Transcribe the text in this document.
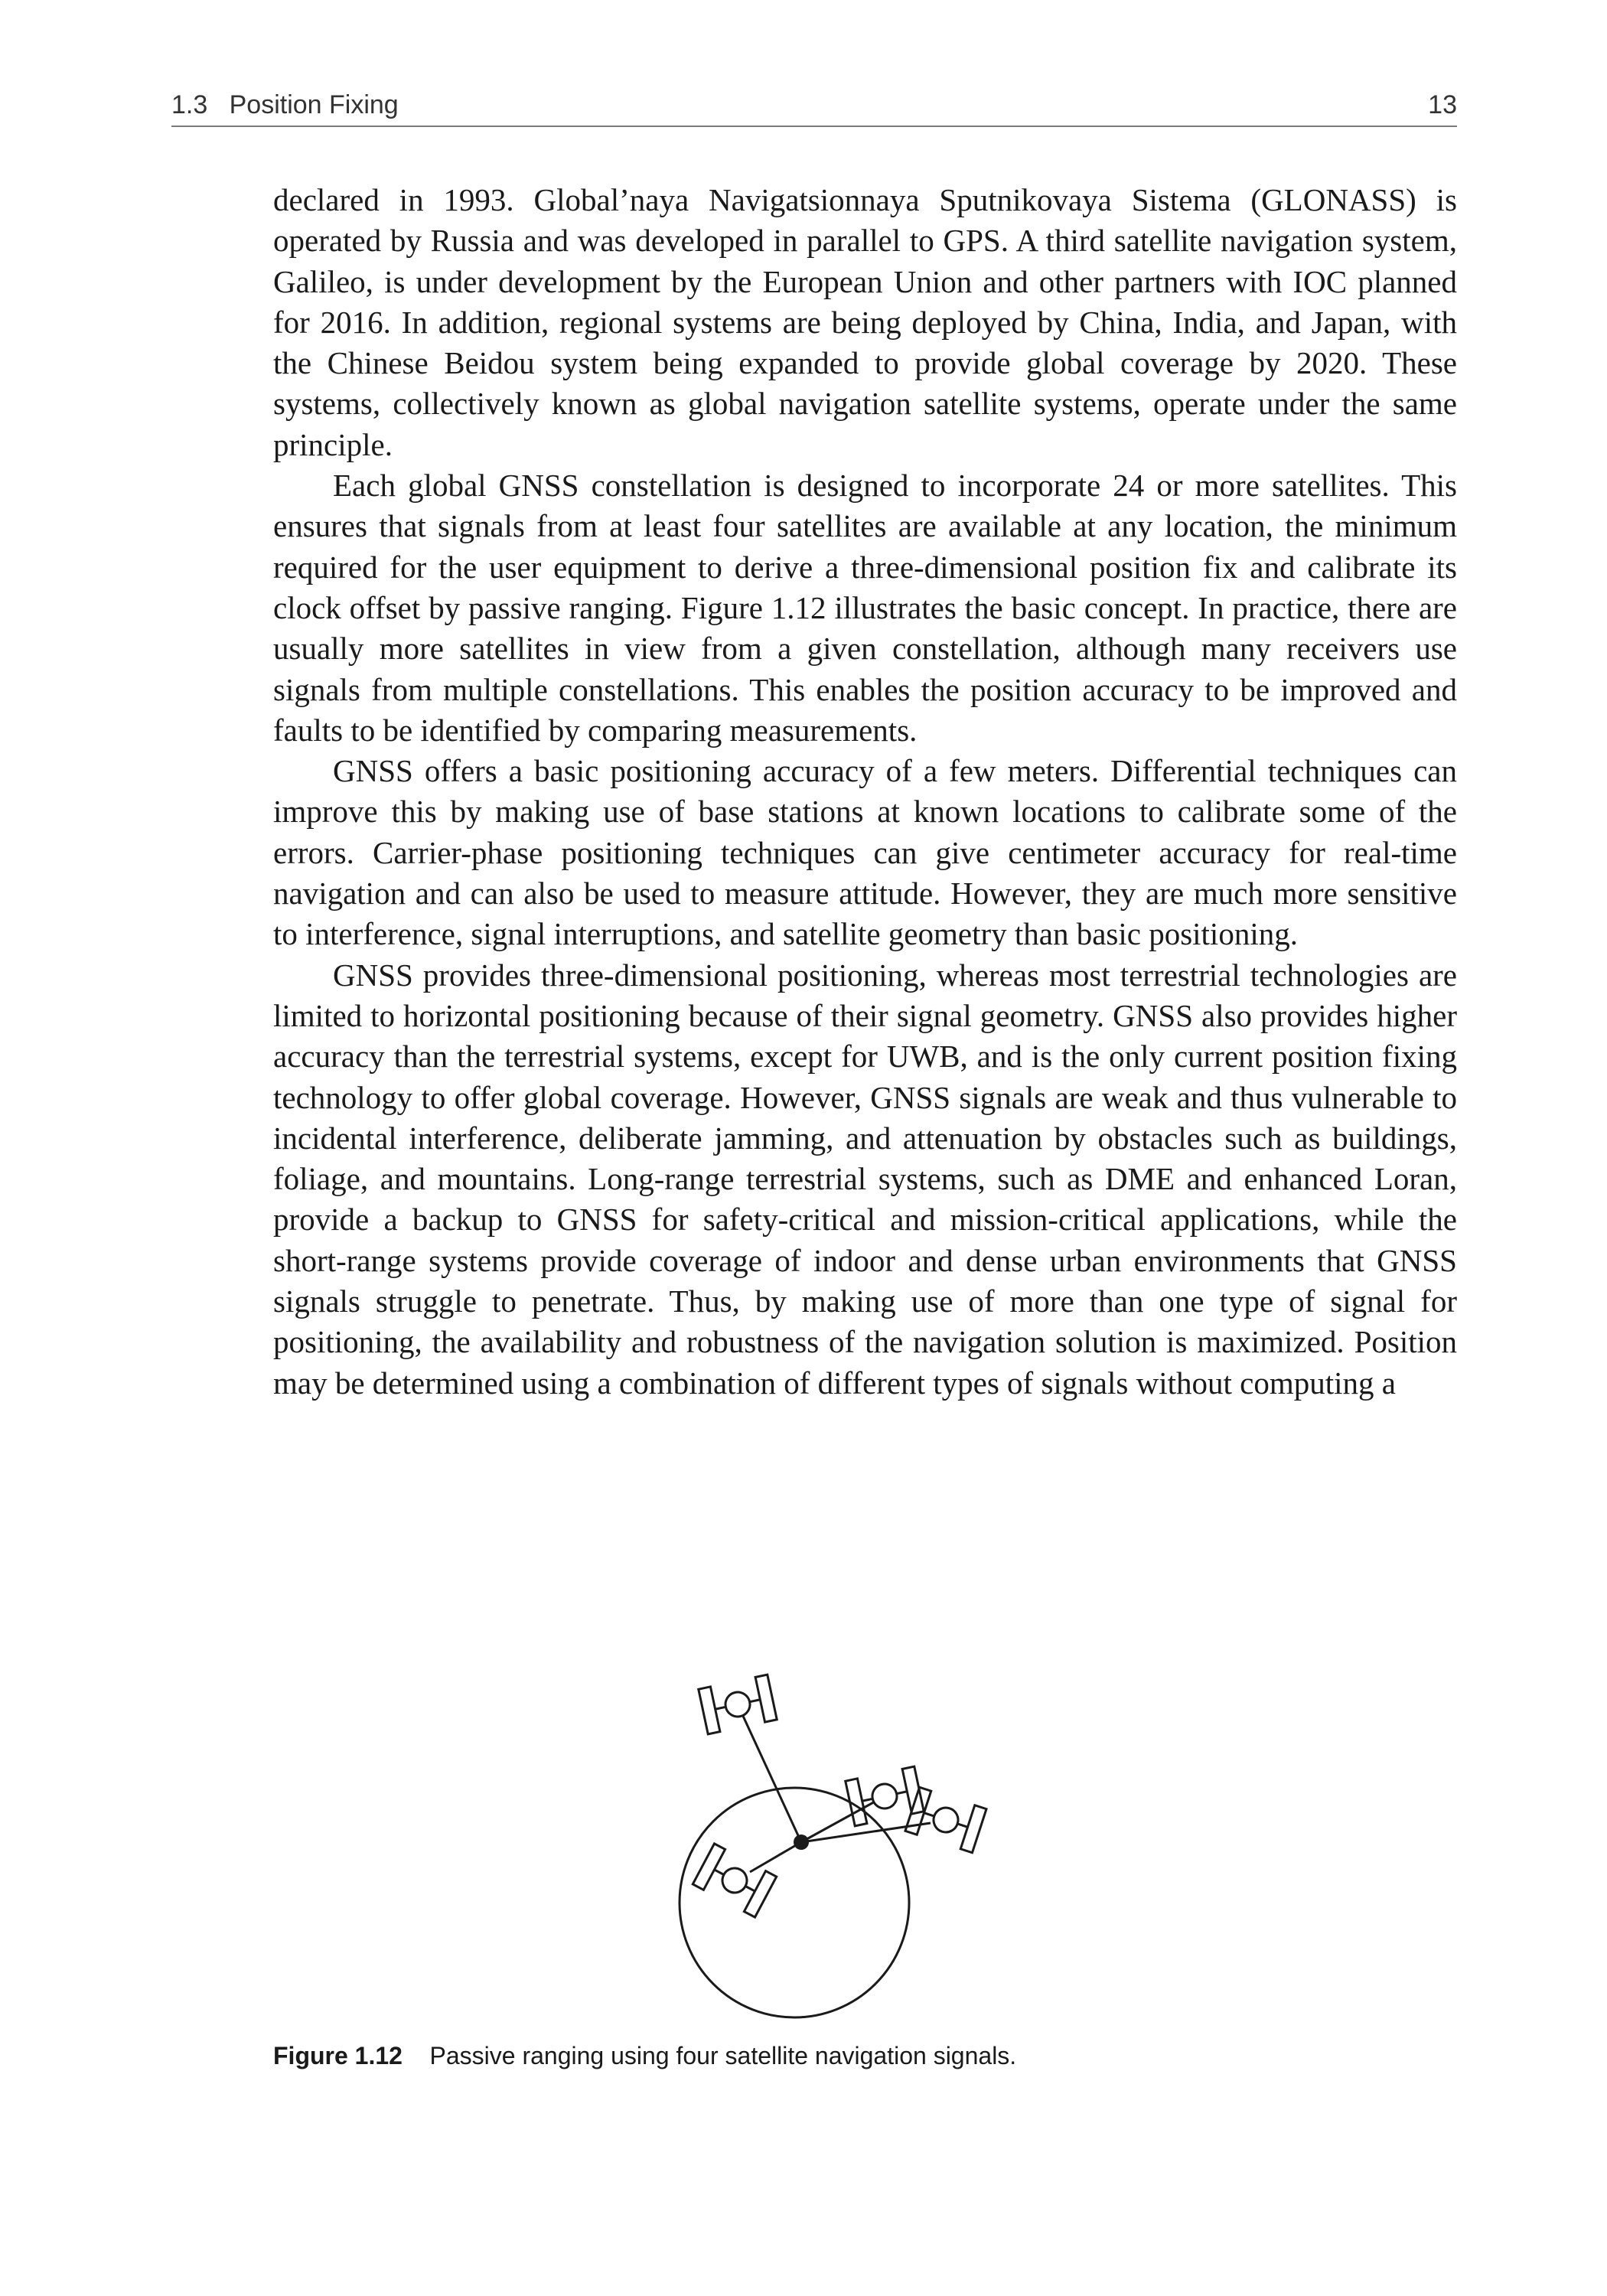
1.3   Position Fixing	13

declared in 1993. Global’naya Navigatsionnaya Sputnikovaya Sistema (GLONASS) is operated by Russia and was developed in parallel to GPS. A third satellite navigation system, Galileo, is under development by the European Union and other partners with IOC planned for 2016. In addition, regional systems are being deployed by China, India, and Japan, with the Chinese Beidou system being expanded to provide global coverage by 2020. These systems, collectively known as global navigation satellite systems, operate under the same principle.

Each global GNSS constellation is designed to incorporate 24 or more satellites. This ensures that signals from at least four satellites are available at any location, the minimum required for the user equipment to derive a three-dimensional position fix and calibrate its clock offset by passive ranging. Figure 1.12 illustrates the basic concept. In practice, there are usually more satellites in view from a given constellation, although many receivers use signals from multiple constellations. This enables the position accuracy to be improved and faults to be identified by comparing measurements.

GNSS offers a basic positioning accuracy of a few meters. Differential techniques can improve this by making use of base stations at known locations to calibrate some of the errors. Carrier-phase positioning techniques can give centimeter accuracy for real-time navigation and can also be used to measure attitude. However, they are much more sensitive to interference, signal interruptions, and satellite geometry than basic positioning.

GNSS provides three-dimensional positioning, whereas most terrestrial technologies are limited to horizontal positioning because of their signal geometry. GNSS also provides higher accuracy than the terrestrial systems, except for UWB, and is the only current position fixing technology to offer global coverage. However, GNSS signals are weak and thus vulnerable to incidental interference, deliberate jamming, and attenuation by obstacles such as buildings, foliage, and mountains. Long-range terrestrial systems, such as DME and enhanced Loran, provide a backup to GNSS for safety-critical and mission-critical applications, while the short-range systems provide coverage of indoor and dense urban environments that GNSS signals struggle to penetrate. Thus, by making use of more than one type of signal for positioning, the availability and robustness of the navigation solution is maximized. Position may be determined using a combination of different types of signals without computing a

Figure 1.12 Passive ranging using four satellite navigation signals.
